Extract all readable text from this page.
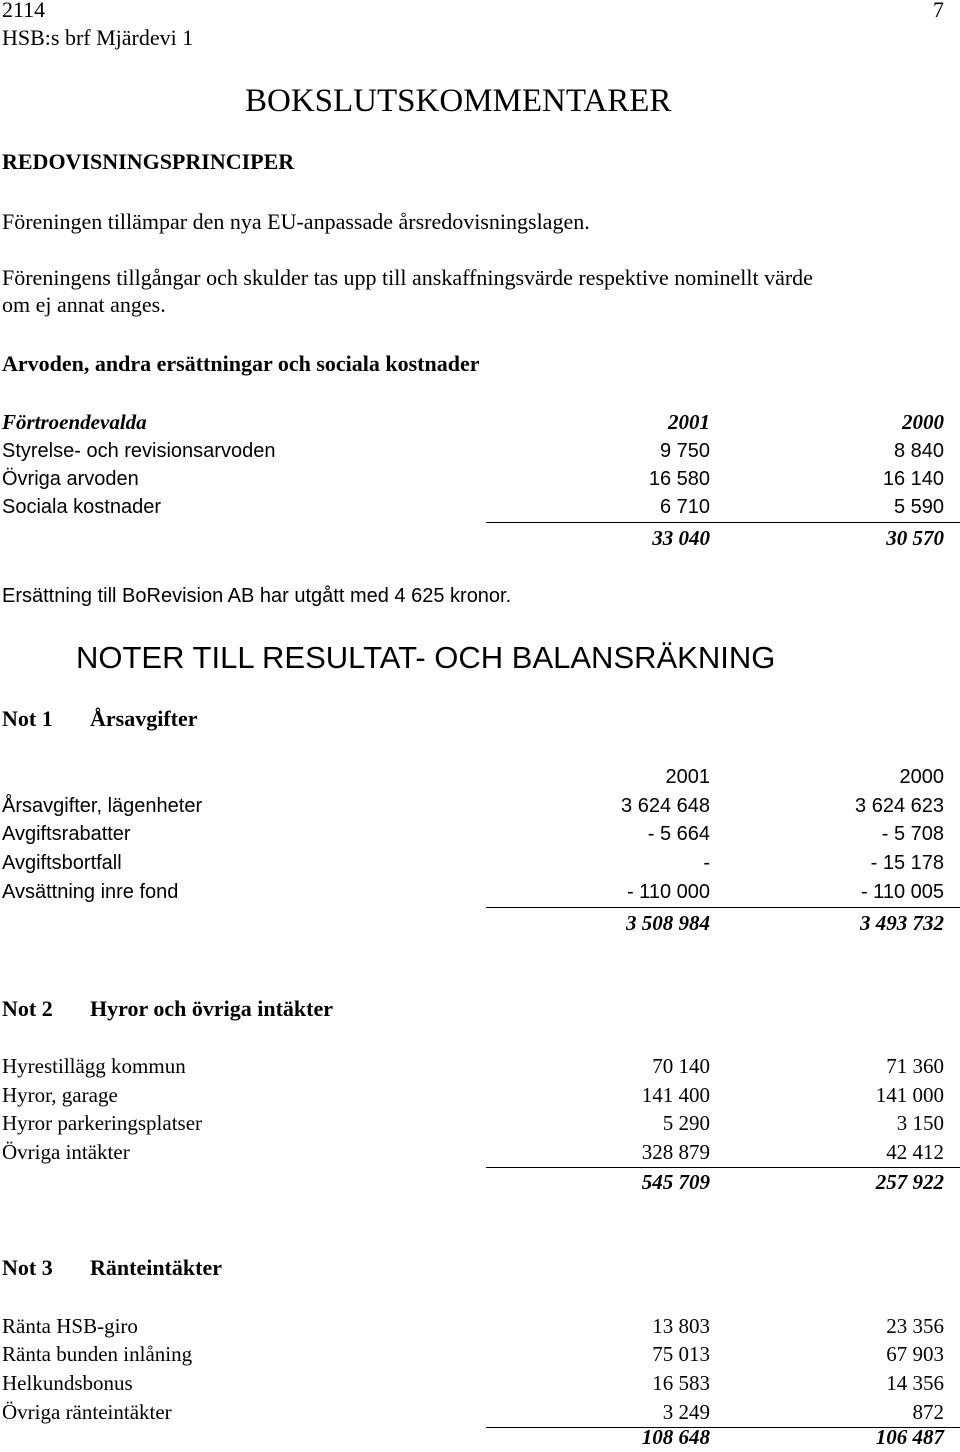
2114
HSB:s brf Mjärdevi 1
7
BOKSLUTSKOMMENTARER
REDOVISNINGSPRINCIPER
Föreningen tillämpar den nya EU-anpassade årsredovisningslagen.
Föreningens tillgångar och skulder tas upp till anskaffningsvärde respektive nominellt värde
om ej annat anges.
Arvoden, andra ersättningar och sociala kostnader
Förtroendevalda	2001	2000
Styrelse- och revisionsarvoden	9 750	8 840
Övriga arvoden	16 580	16 140
Sociala kostnader	6 710	5 590
33 040	30 570
Ersättning till BoRevision AB har utgått med 4 625 kronor.
NOTER TILL RESULTAT- OCH BALANSRÄKNING
Not 1 Årsavgifter
2001	2000
Årsavgifter, lägenheter	3 624 648	3 624 623
Avgiftsrabatter	- 5 664	- 5 708
Avgiftsbortfall	-	- 15 178
Avsättning inre fond	- 110 000	- 110 005
3 508 984	3 493 732
Not 2 Hyror och övriga intäkter
Hyrestillägg kommun	70 140	71 360
Hyror, garage	141 400	141 000
Hyror parkeringsplatser	5 290	3 150
Övriga intäkter	328 879	42 412
545 709	257 922
Not 3 Ränteintäkter
Ränta HSB-giro	13 803	23 356
Ränta bunden inlåning	75 013	67 903
Helkundsbonus	16 583	14 356
Övriga ränteintäkter	3 249	872
108 648	106 487
